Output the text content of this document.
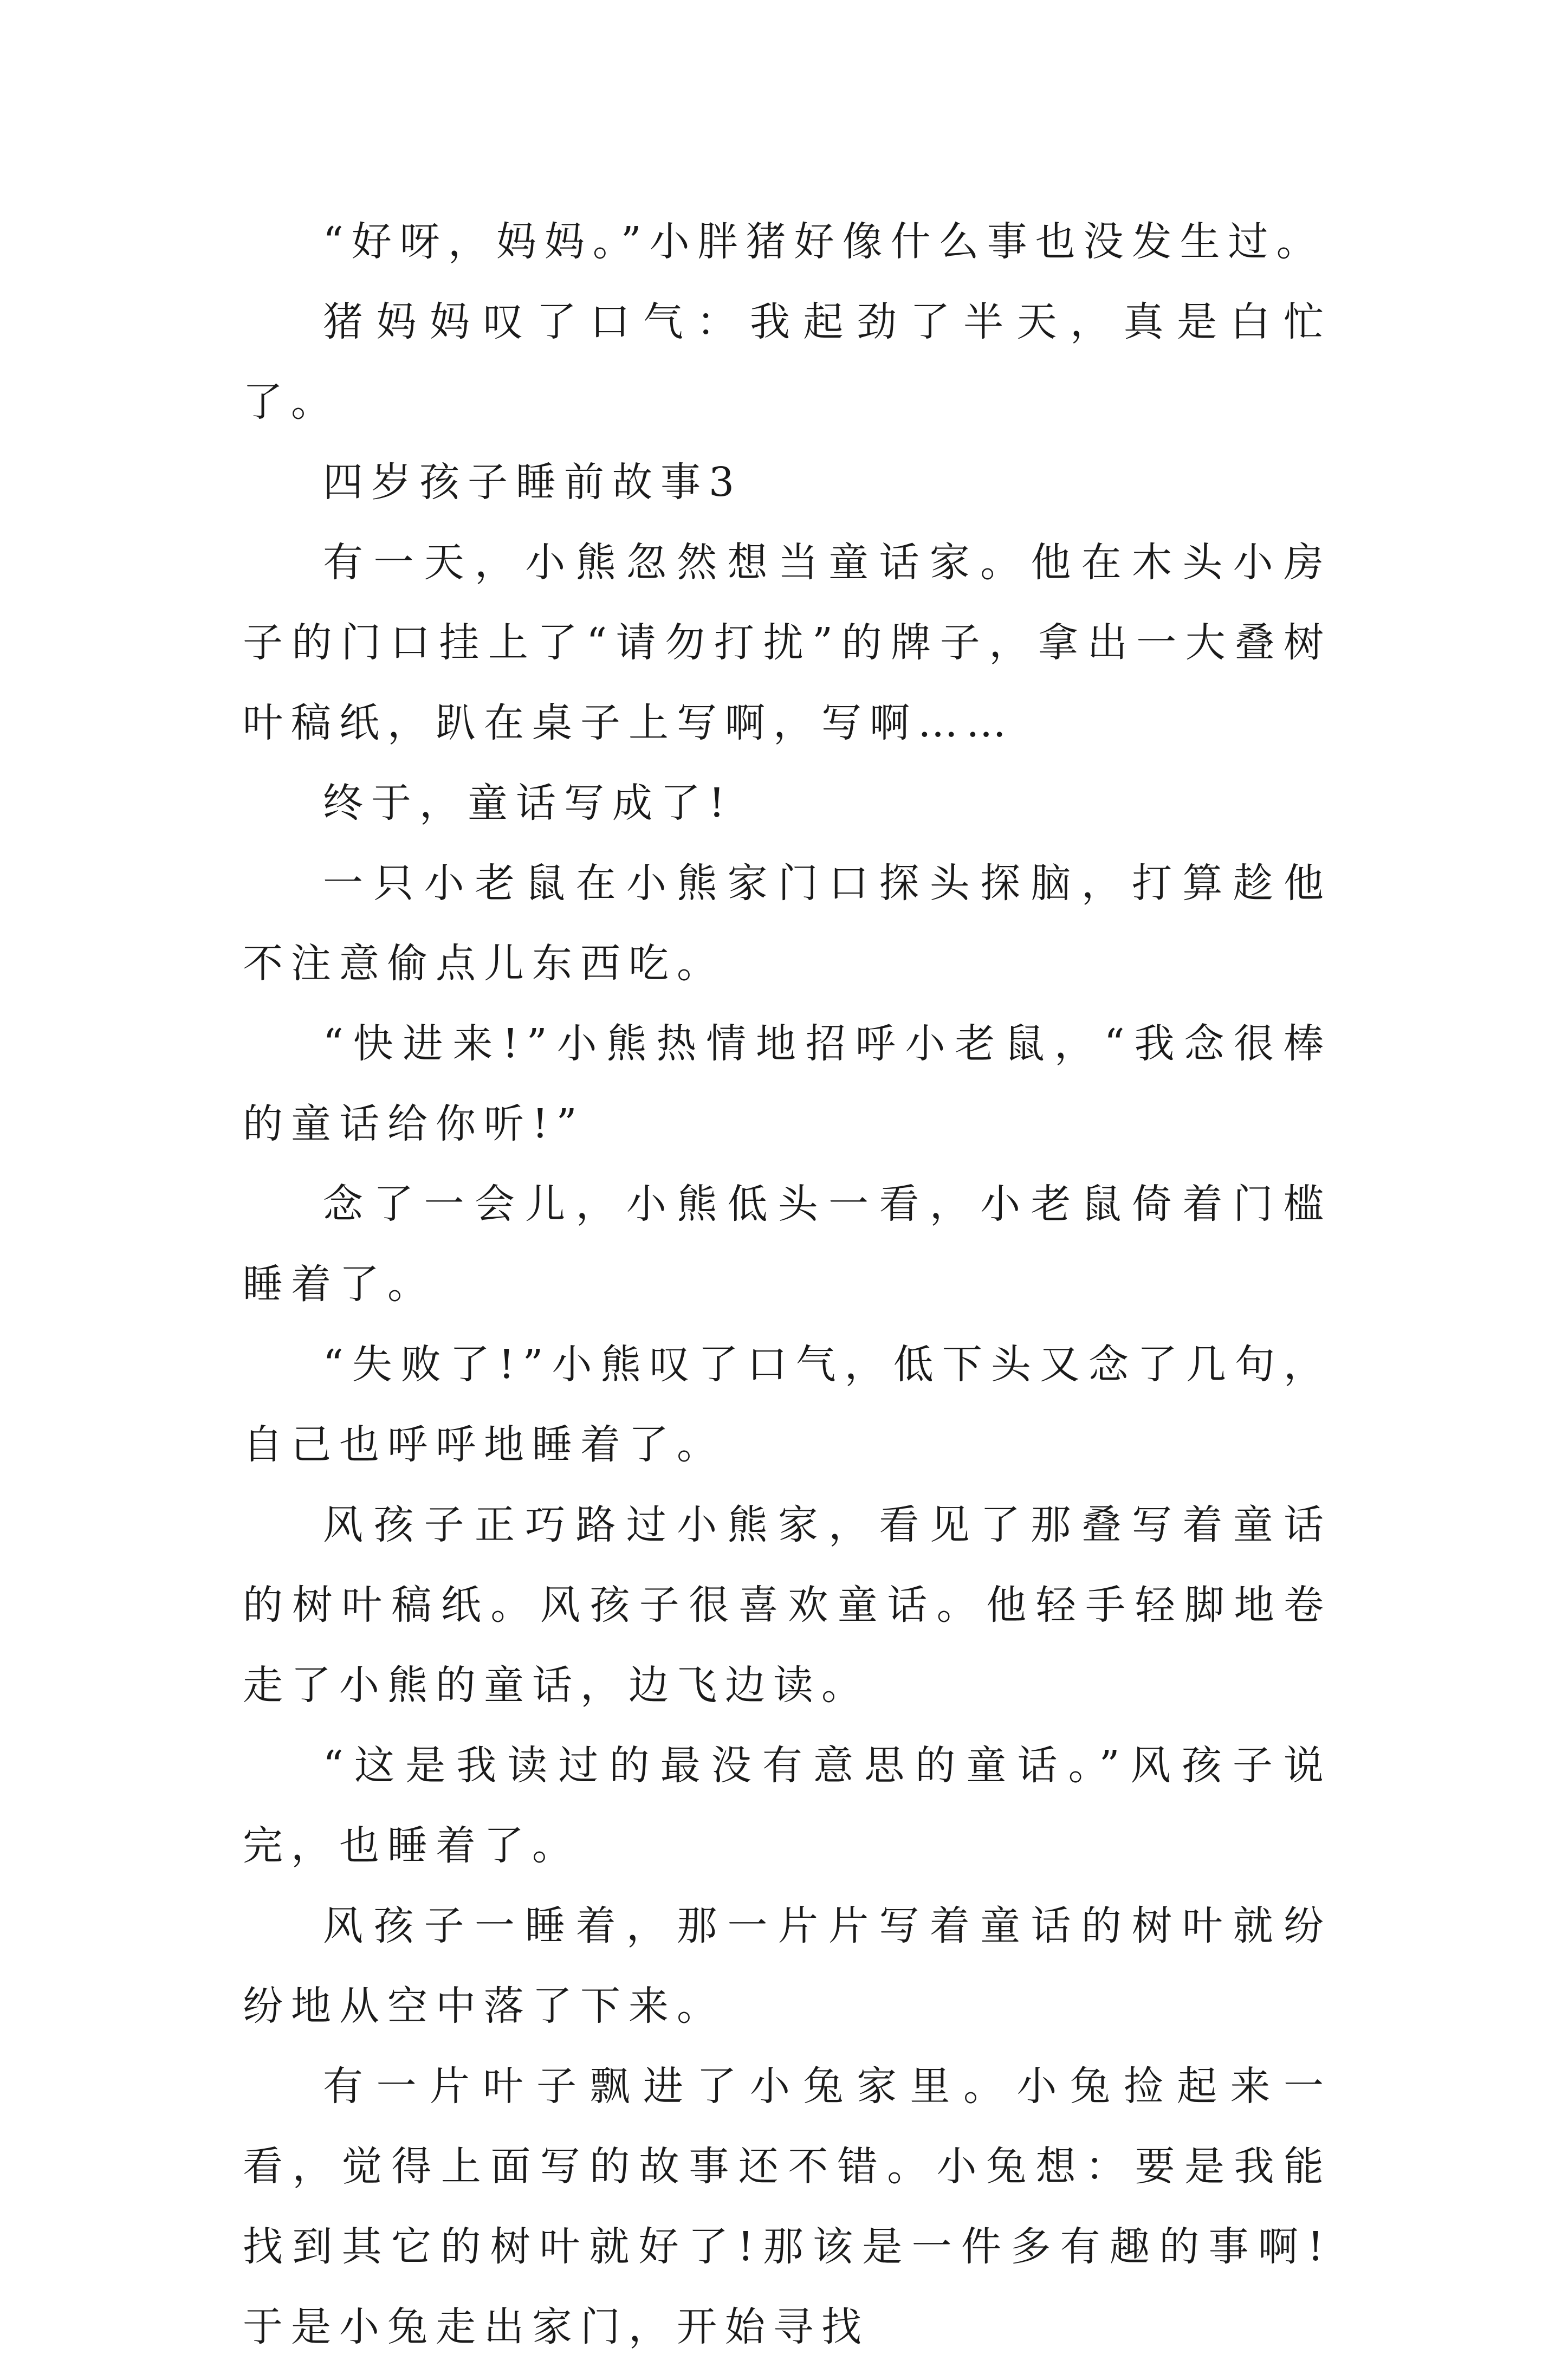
“好呀，妈妈。”小胖猪好像什么事也没发生过。

猪妈妈叹了口气：我起劲了半天，真是白忙了。

四岁孩子睡前故事3

有一天，小熊忽然想当童话家。他在木头小房子的门口挂上了“请勿打扰”的牌子，拿出一大叠树叶稿纸，趴在桌子上写啊，写啊……

终于，童话写成了!

一只小老鼠在小熊家门口探头探脑，打算趁他不注意偷点儿东西吃。

“快进来!”小熊热情地招呼小老鼠，“我念很棒的童话给你听!”

念了一会儿，小熊低头一看，小老鼠倚着门槛睡着了。

“失败了!”小熊叹了口气，低下头又念了几句，自己也呼呼地睡着了。

风孩子正巧路过小熊家，看见了那叠写着童话的树叶稿纸。风孩子很喜欢童话。他轻手轻脚地卷走了小熊的童话，边飞边读。

“这是我读过的最没有意思的童话。”风孩子说完，也睡着了。

风孩子一睡着，那一片片写着童话的树叶就纷纷地从空中落了下来。

有一片叶子飘进了小兔家里。小兔捡起来一看，觉得上面写的故事还不错。小兔想：要是我能找到其它的树叶就好了!那该是一件多有趣的事啊!于是小兔走出家门，开始寻找
